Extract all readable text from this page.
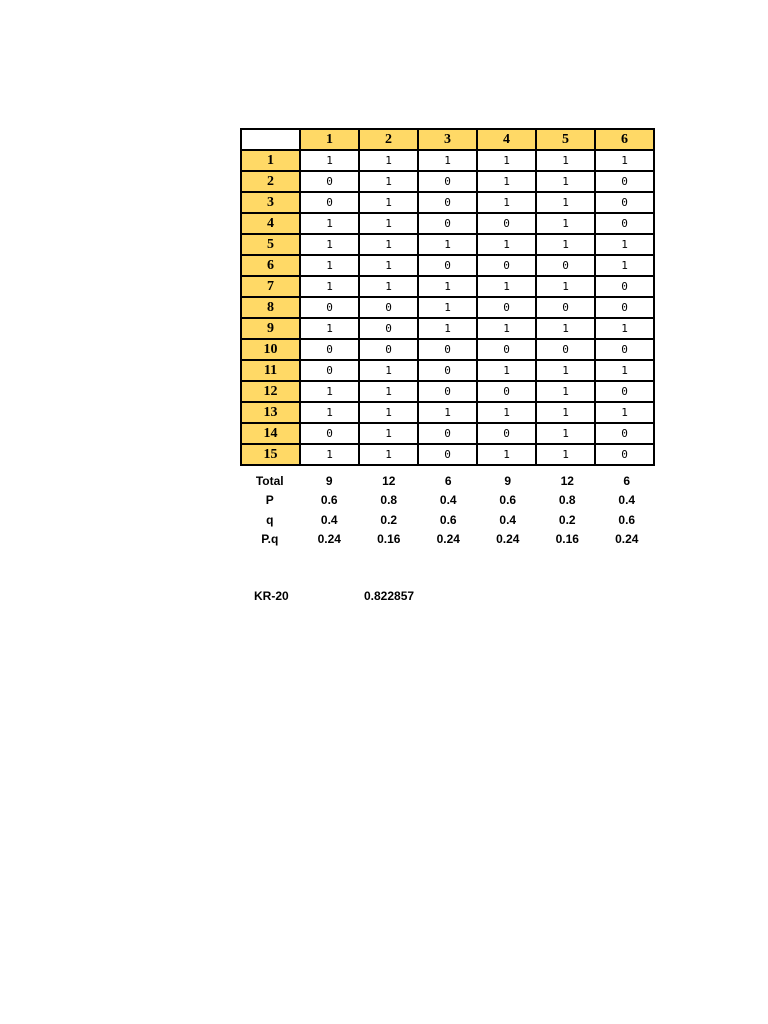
	1	2	3	4	5	6
1	1	1	1	1	1	1
2	0	1	0	1	1	0
3	0	1	0	1	1	0
4	1	1	0	0	1	0
5	1	1	1	1	1	1
6	1	1	0	0	0	1
7	1	1	1	1	1	0
8	0	0	1	0	0	0
9	1	0	1	1	1	1
10	0	0	0	0	0	0
11	0	1	0	1	1	1
12	1	1	0	0	1	0
13	1	1	1	1	1	1
14	0	1	0	0	1	0
15	1	1	0	1	1	0
Total	9	12	6	9	12	6
P	0.6	0.8	0.4	0.6	0.8	0.4
q	0.4	0.2	0.6	0.4	0.2	0.6
P.q	0.24	0.16	0.24	0.24	0.16	0.24
KR-20	0.822857
